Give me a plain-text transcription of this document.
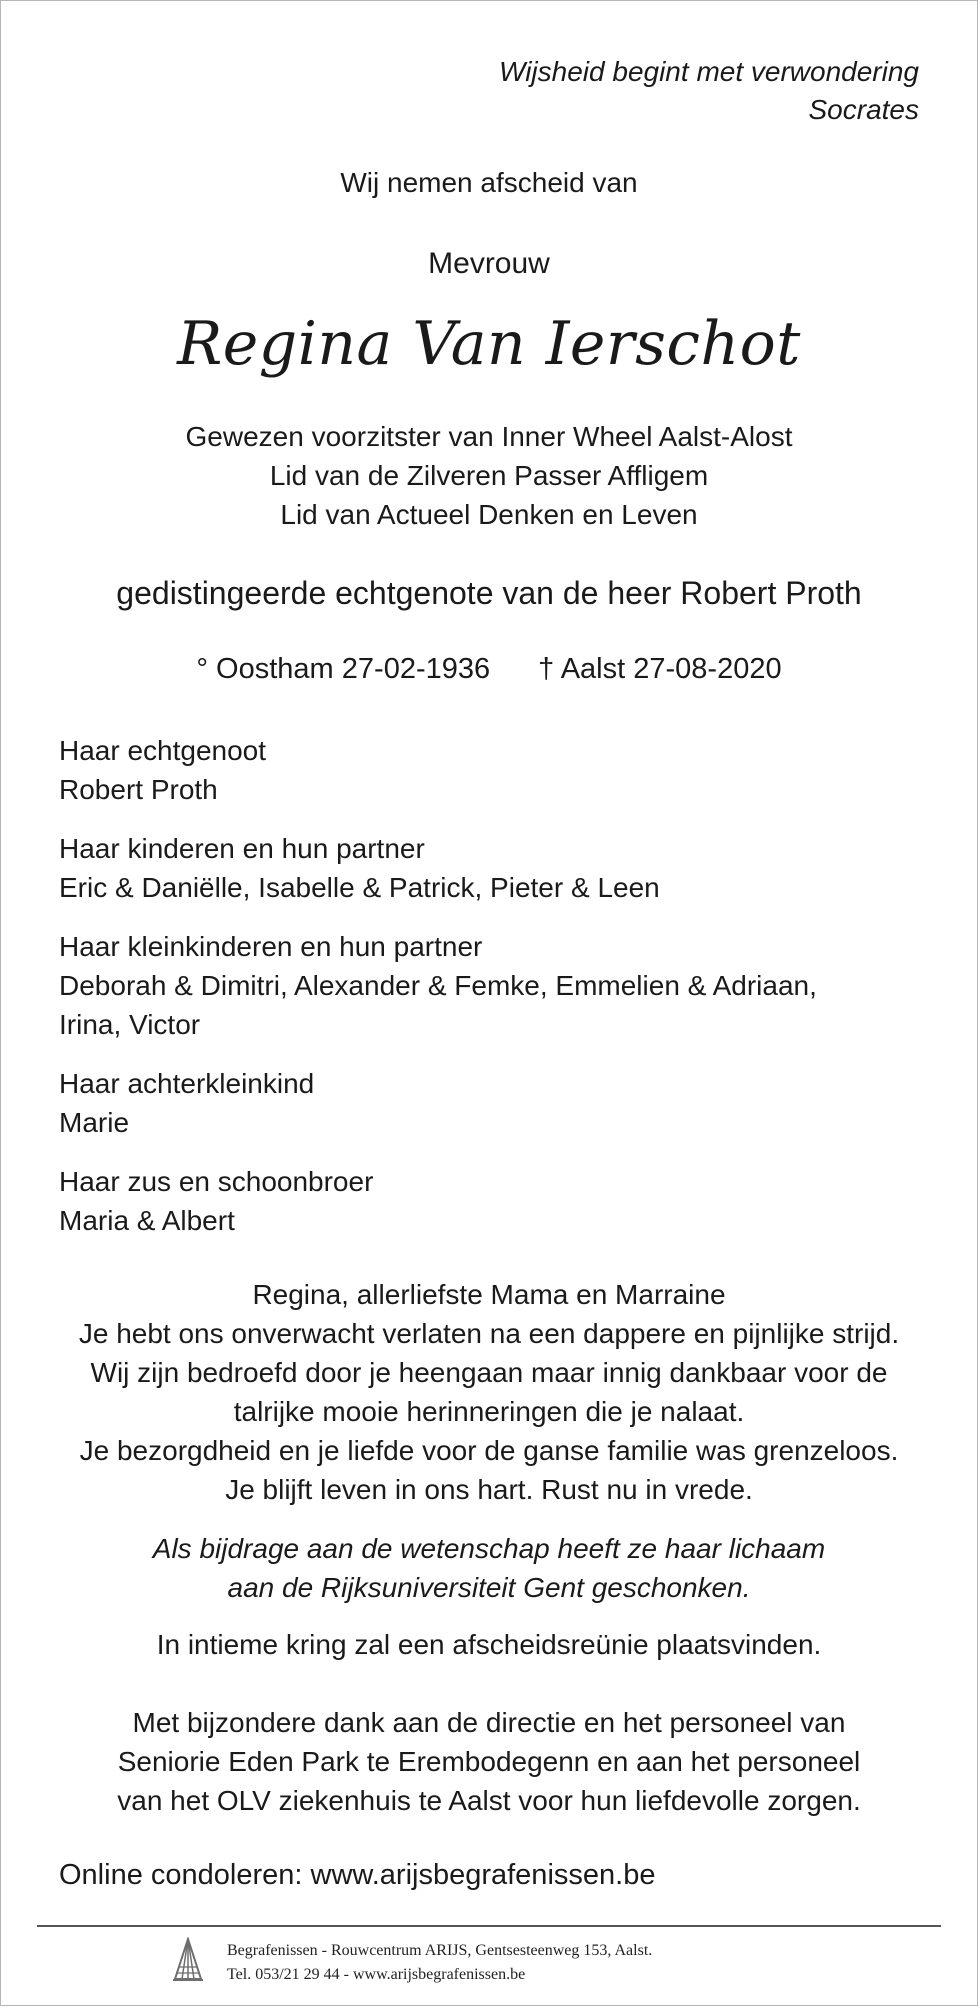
Wijsheid begint met verwondering
Socrates
Wij nemen afscheid van
Mevrouw
Regina Van Ierschot
Gewezen voorzitster van Inner Wheel Aalst-Alost
Lid van de Zilveren Passer Affligem
Lid van Actueel Denken en Leven
gedistingeerde echtgenote van de heer Robert Proth
° Oostham 27-02-1936 † Aalst 27-08-2020
Haar echtgenoot
Robert Proth
Haar kinderen en hun partner
Eric & Daniëlle, Isabelle & Patrick, Pieter & Leen
Haar kleinkinderen en hun partner
Deborah & Dimitri, Alexander & Femke, Emmelien & Adriaan,
Irina, Victor
Haar achterkleinkind
Marie
Haar zus en schoonbroer
Maria & Albert
Regina, allerliefste Mama en Marraine
Je hebt ons onverwacht verlaten na een dappere en pijnlijke strijd.
Wij zijn bedroefd door je heengaan maar innig dankbaar voor de
talrijke mooie herinneringen die je nalaat.
Je bezorgdheid en je liefde voor de ganse familie was grenzeloos.
Je blijft leven in ons hart. Rust nu in vrede.
Als bijdrage aan de wetenschap heeft ze haar lichaam
aan de Rijksuniversiteit Gent geschonken.
In intieme kring zal een afscheidsreünie plaatsvinden.
Met bijzondere dank aan de directie en het personeel van
Seniorie Eden Park te Erembodegenn en aan het personeel
van het OLV ziekenhuis te Aalst voor hun liefdevolle zorgen.
Online condoleren: www.arijsbegrafenissen.be
Begrafenissen - Rouwcentrum ARIJS, Gentsesteenweg 153, Aalst.
Tel. 053/21 29 44 - www.arijsbegrafenissen.be
